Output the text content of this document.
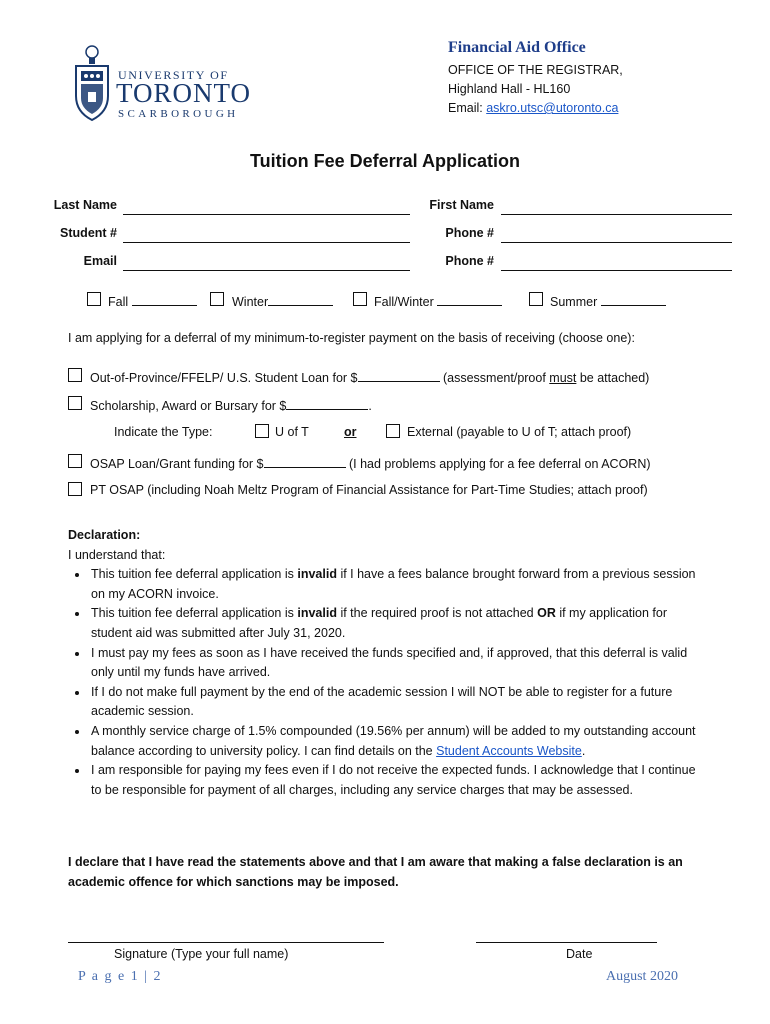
UNIVERSITY OF
TORONTO
SCARBOROUGH
Financial Aid Office
OFFICE OF THE REGISTRAR,
Highland Hall - HL160
Email: askro.utsc@utoronto.ca
Tuition Fee Deferral Application
Last Name	First Name
Student #	Phone #
Email	Phone #
Fall	Winter	Fall/Winter	Summer
I am applying for a deferral of my minimum-to-register payment on the basis of receiving (choose one):
Out-of-Province/FFELP/ U.S. Student Loan for $	(assessment/proof must be attached)
Scholarship, Award or Bursary for $	.
Indicate the Type:	U of T	or	External (payable to U of T; attach proof)
OSAP Loan/Grant funding for $	(I had problems applying for a fee deferral on ACORN)
PT OSAP (including Noah Meltz Program of Financial Assistance for Part-Time Studies; attach proof)
Declaration:
I understand that:
• This tuition fee deferral application is invalid if I have a fees balance brought forward from a previous session on my ACORN invoice.
• This tuition fee deferral application is invalid if the required proof is not attached OR if my application for student aid was submitted after July 31, 2020.
• I must pay my fees as soon as I have received the funds specified and, if approved, that this deferral is valid only until my funds have arrived.
• If I do not make full payment by the end of the academic session I will NOT be able to register for a future academic session.
• A monthly service charge of 1.5% compounded (19.56% per annum) will be added to my outstanding account balance according to university policy. I can find details on the Student Accounts Website.
• I am responsible for paying my fees even if I do not receive the expected funds. I acknowledge that I continue to be responsible for payment of all charges, including any service charges that may be assessed.
I declare that I have read the statements above and that I am aware that making a false declaration is an academic offence for which sanctions may be imposed.
Signature (Type your full name)	Date
P a g e 1 | 2	August 2020
